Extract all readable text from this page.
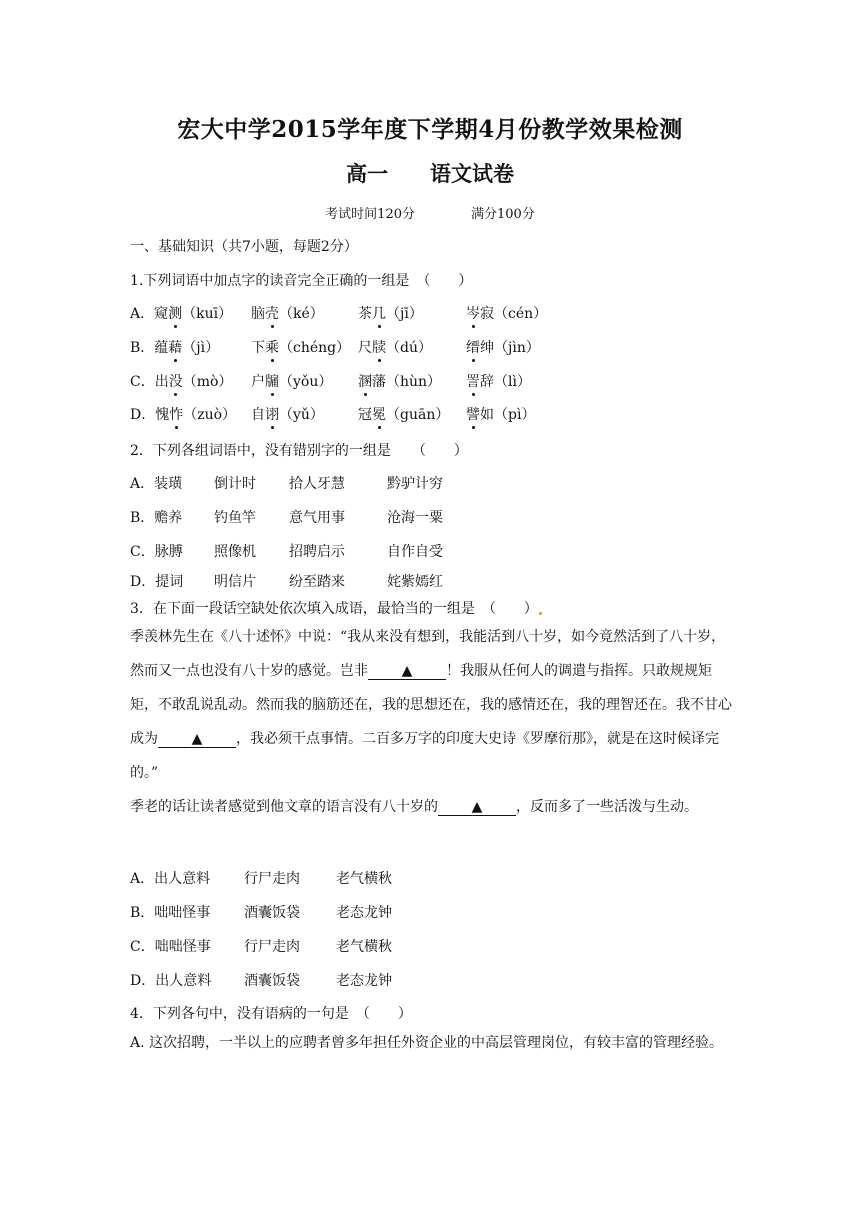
宏大中学2015学年度下学期4月份教学效果检测
高一 语文试卷
考试时间120分	满分100分
一、基础知识（共7小题，每题2分）
1.下列词语中加点字的读音完全正确的一组是　（　　）
A．窥测（kuī） 脑壳（ké） 茶几（jī）	岑寂（cén）
B．蕴藉（jì） 下乘（chéng） 尺牍（dú） 缙绅（jìn）
C．出没（mò） 户牖（yǒu） 溷藩（hùn） 詈辞（lì）
D．愧怍（zuò） 自诩（yǔ） 冠冕（guān） 譬如（pì）
2．下列各组词语中，没有错别字的一组是　　（　　）
A．装璜 倒计时 拾人牙慧	黔驴计穷
B．赡养 钓鱼竿 意气用事	沧海一粟
C．脉膊 照像机 招聘启示	自作自受
D．提词 明信片 纷至踏来	姹紫嫣红
3．在下面一段话空缺处依次填入成语，最恰当的一组是　（　　）
季羡林先生在《八十述怀》中说：“我从来没有想到，我能活到八十岁，如今竟然活到了八十岁，然而又一点也没有八十岁的感觉。岂非 ▲ ！我服从任何人的调遣与指挥。只敢规规矩矩，不敢乱说乱动。然而我的脑筋还在，我的思想还在，我的感情还在，我的理智还在。我不甘心成为 ▲ ，我必须干点事情。二百多万字的印度大史诗《罗摩衍那》，就是在这时候译完的。”
季老的话让读者感觉到他文章的语言没有八十岁的 ▲ ，反而多了一些活泼与生动。
A．出人意料 行尸走肉	老气横秋
B．咄咄怪事 酒囊饭袋	老态龙钟
C．咄咄怪事 行尸走肉	老气横秋
D．出人意料 酒囊饭袋	老态龙钟
4．下列各句中，没有语病的一句是　（　　）
A. 这次招聘，一半以上的应聘者曾多年担任外资企业的中高层管理岗位，有较丰富的管理经验。
